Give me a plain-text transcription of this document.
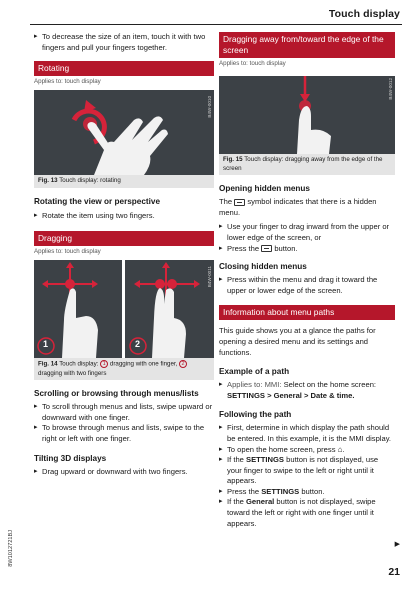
Touch display
▸ To decrease the size of an item, touch it with two fingers and pull your fingers together.
Rotating
Applies to: touch display
B4W-0010
Fig. 13 Touch display: rotating
Rotating the view or perspective
▸ Rotate the item using two fingers.
Dragging
Applies to: touch display
1	2
B4W-0011
Fig. 14 Touch display: 1 dragging with one finger, 2 dragging with two fingers
Scrolling or browsing through menus/lists
▸ To scroll through menus and lists, swipe upward or downward with one finger.
▸ To browse through menus and lists, swipe to the right or left with one finger.
Tilting 3D displays
▸ Drag upward or downward with two fingers.
Dragging away from/toward the edge of the screen
Applies to: touch display
B4W-0012
Fig. 15 Touch display: dragging away from the edge of the screen
Opening hidden menus
The symbol indicates that there is a hidden menu.
▸ Use your finger to drag inward from the upper or lower edge of the screen, or
▸ Press the button.
Closing hidden menus
▸ Press within the menu and drag it toward the upper or lower edge of the screen.
Information about menu paths
This guide shows you at a glance the paths for opening a desired menu and its settings and functions.
Example of a path
▸ Applies to: MMI: Select on the home screen:
SETTINGS > General > Date & time.
Following the path
▸ First, determine in which display the path should be entered. In this example, it is the MMI display.
▸ To open the home screen, press ⌂.
▸ If the SETTINGS button is not displayed, use your finger to swipe to the left or right until it appears.
▸ Press the SETTINGS button.
▸ If the General button is not displayed, swipe toward the left or right with one finger until it appears.
▶
8W1012721BJ
21
